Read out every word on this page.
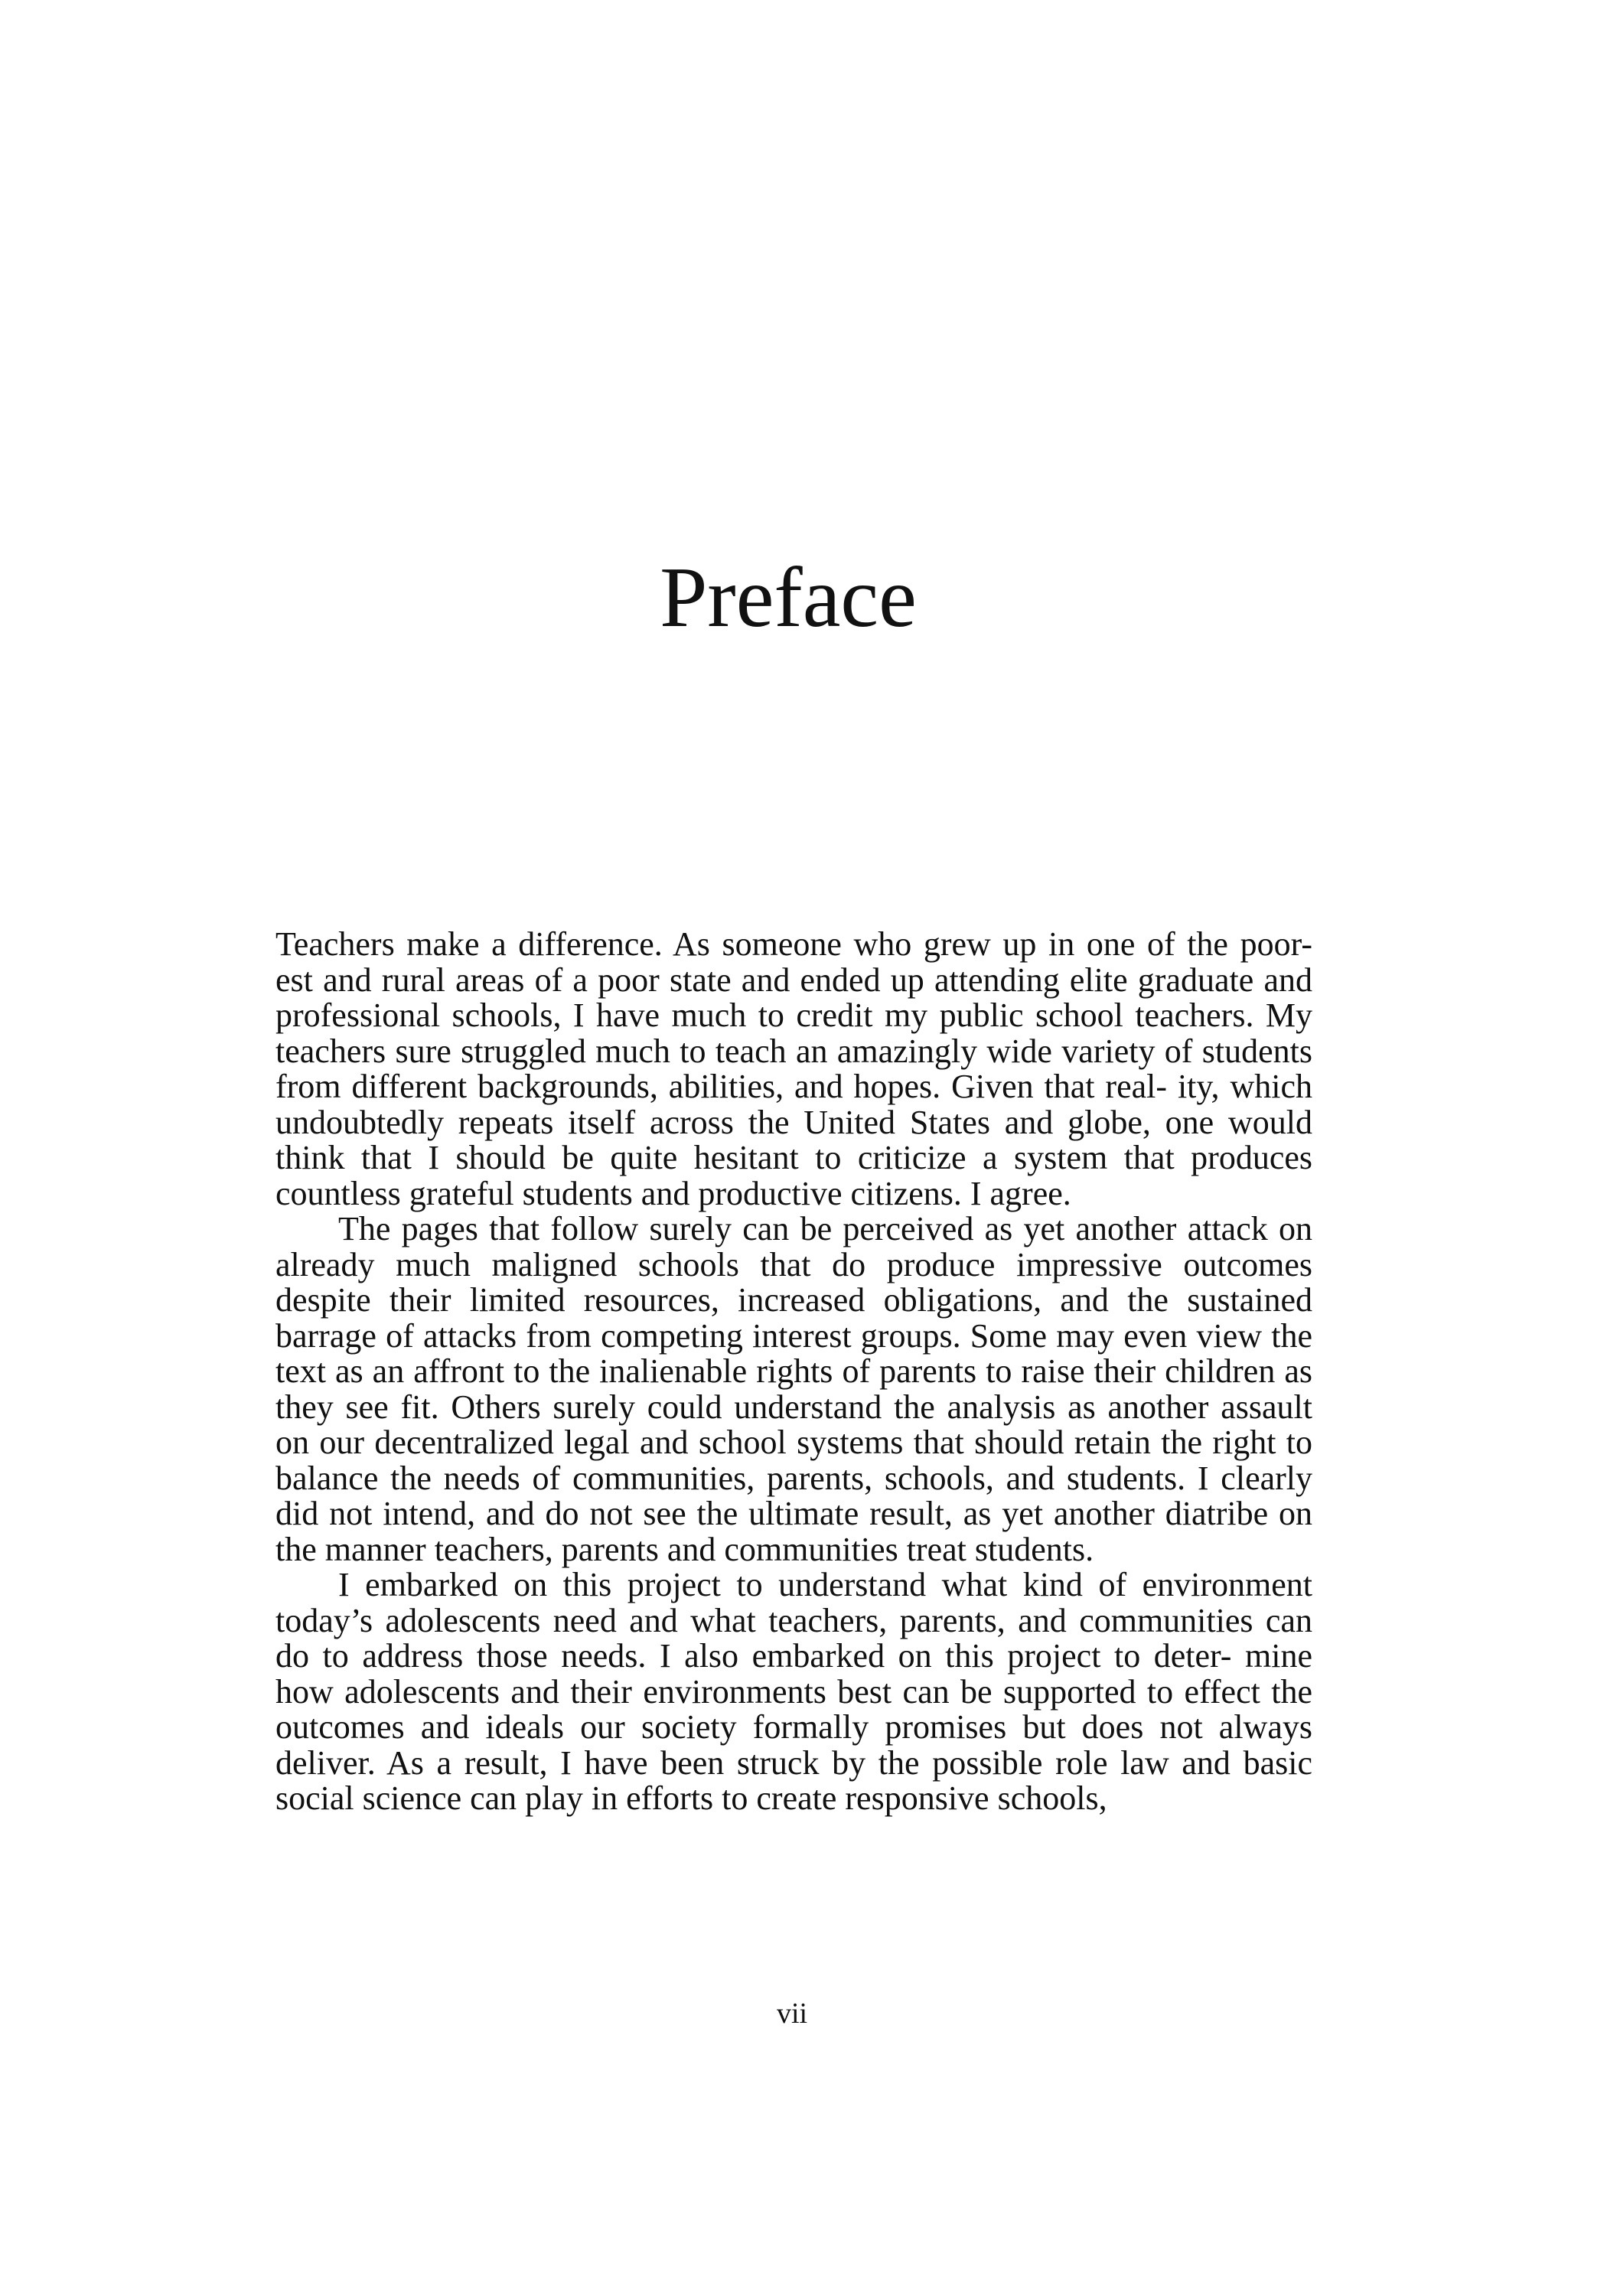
Preface

Teachers make a difference. As someone who grew up in one of the poor- est and rural areas of a poor state and ended up attending elite graduate and professional schools, I have much to credit my public school teachers. My teachers sure struggled much to teach an amazingly wide variety of students from different backgrounds, abilities, and hopes. Given that real- ity, which undoubtedly repeats itself across the United States and globe, one would think that I should be quite hesitant to criticize a system that produces countless grateful students and productive citizens. I agree.

The pages that follow surely can be perceived as yet another attack on already much maligned schools that do produce impressive outcomes despite their limited resources, increased obligations, and the sustained barrage of attacks from competing interest groups. Some may even view the text as an affront to the inalienable rights of parents to raise their children as they see fit. Others surely could understand the analysis as another assault on our decentralized legal and school systems that should retain the right to balance the needs of communities, parents, schools, and students. I clearly did not intend, and do not see the ultimate result, as yet another diatribe on the manner teachers, parents and communities treat students.

I embarked on this project to understand what kind of environment today’s adolescents need and what teachers, parents, and communities can do to address those needs. I also embarked on this project to deter- mine how adolescents and their environments best can be supported to effect the outcomes and ideals our society formally promises but does not always deliver. As a result, I have been struck by the possible role law and basic social science can play in efforts to create responsive schools,

vii
